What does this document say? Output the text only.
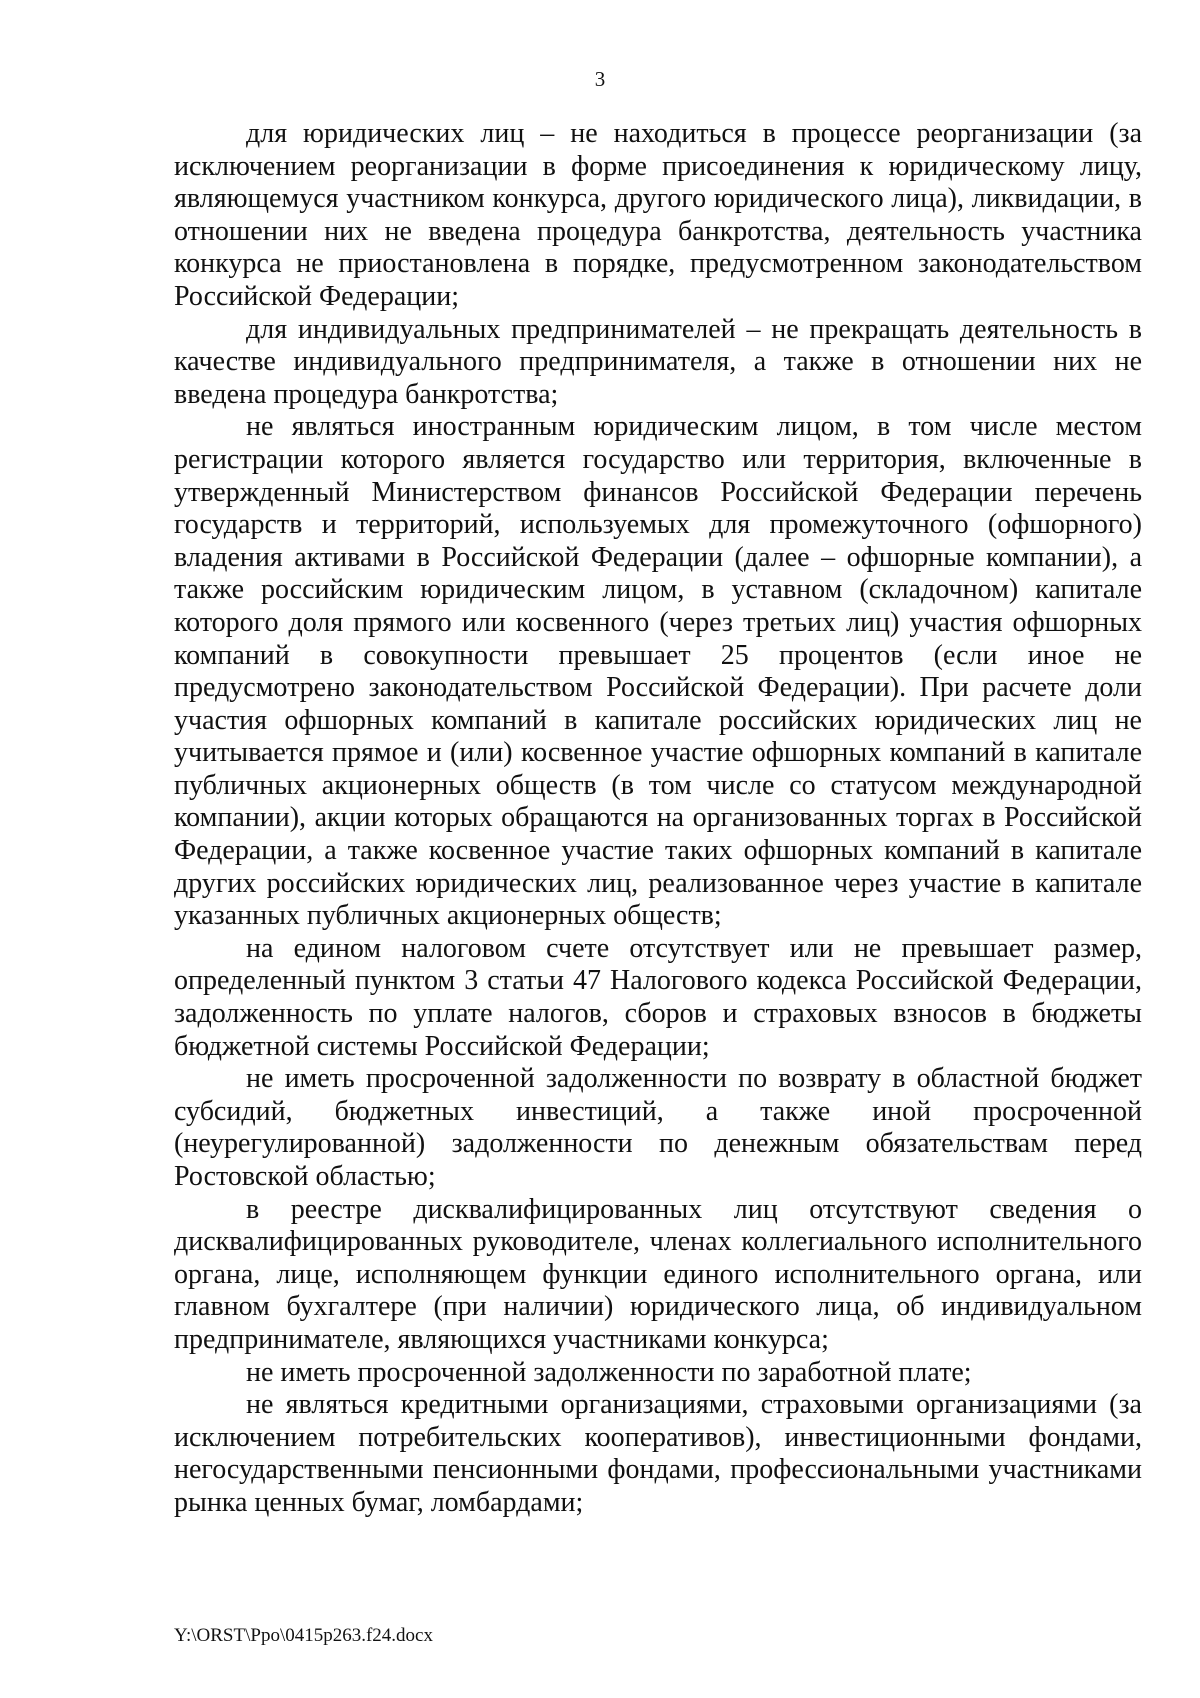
3

для юридических лиц – не находиться в процессе реорганизации (за исключением реорганизации в форме присоединения к юридическому лицу, являющемуся участником конкурса, другого юридического лица), ликвидации, в отношении них не введена процедура банкротства, деятельность участника конкурса не приостановлена в порядке, предусмотренном законодательством Российской Федерации;

для индивидуальных предпринимателей – не прекращать деятельность в качестве индивидуального предпринимателя, а также в отношении них не введена процедура банкротства;

не являться иностранным юридическим лицом, в том числе местом регистрации которого является государство или территория, включенные в утвержденный Министерством финансов Российской Федерации перечень государств и территорий, используемых для промежуточного (офшорного) владения активами в Российской Федерации (далее – офшорные компании), а также российским юридическим лицом, в уставном (складочном) капитале которого доля прямого или косвенного (через третьих лиц) участия офшорных компаний в совокупности превышает 25 процентов (если иное не предусмотрено законодательством Российской Федерации). При расчете доли участия офшорных компаний в капитале российских юридических лиц не учитывается прямое и (или) косвенное участие офшорных компаний в капитале публичных акционерных обществ (в том числе со статусом международной компании), акции которых обращаются на организованных торгах в Российской Федерации, а также косвенное участие таких офшорных компаний в капитале других российских юридических лиц, реализованное через участие в капитале указанных публичных акционерных обществ;

на едином налоговом счете отсутствует или не превышает размер, определенный пунктом 3 статьи 47 Налогового кодекса Российской Федерации, задолженность по уплате налогов, сборов и страховых взносов в бюджеты бюджетной системы Российской Федерации;

не иметь просроченной задолженности по возврату в областной бюджет субсидий, бюджетных инвестиций, а также иной просроченной (неурегулированной) задолженности по денежным обязательствам перед Ростовской областью;

в реестре дисквалифицированных лиц отсутствуют сведения о дисквалифицированных руководителе, членах коллегиального исполнительного органа, лице, исполняющем функции единого исполнительного органа, или главном бухгалтере (при наличии) юридического лица, об индивидуальном предпринимателе, являющихся участниками конкурса;

не иметь просроченной задолженности по заработной плате;

не являться кредитными организациями, страховыми организациями (за исключением потребительских кооперативов), инвестиционными фондами, негосударственными пенсионными фондами, профессиональными участниками рынка ценных бумаг, ломбардами;

Y:\ORST\Ppo\0415p263.f24.docx
